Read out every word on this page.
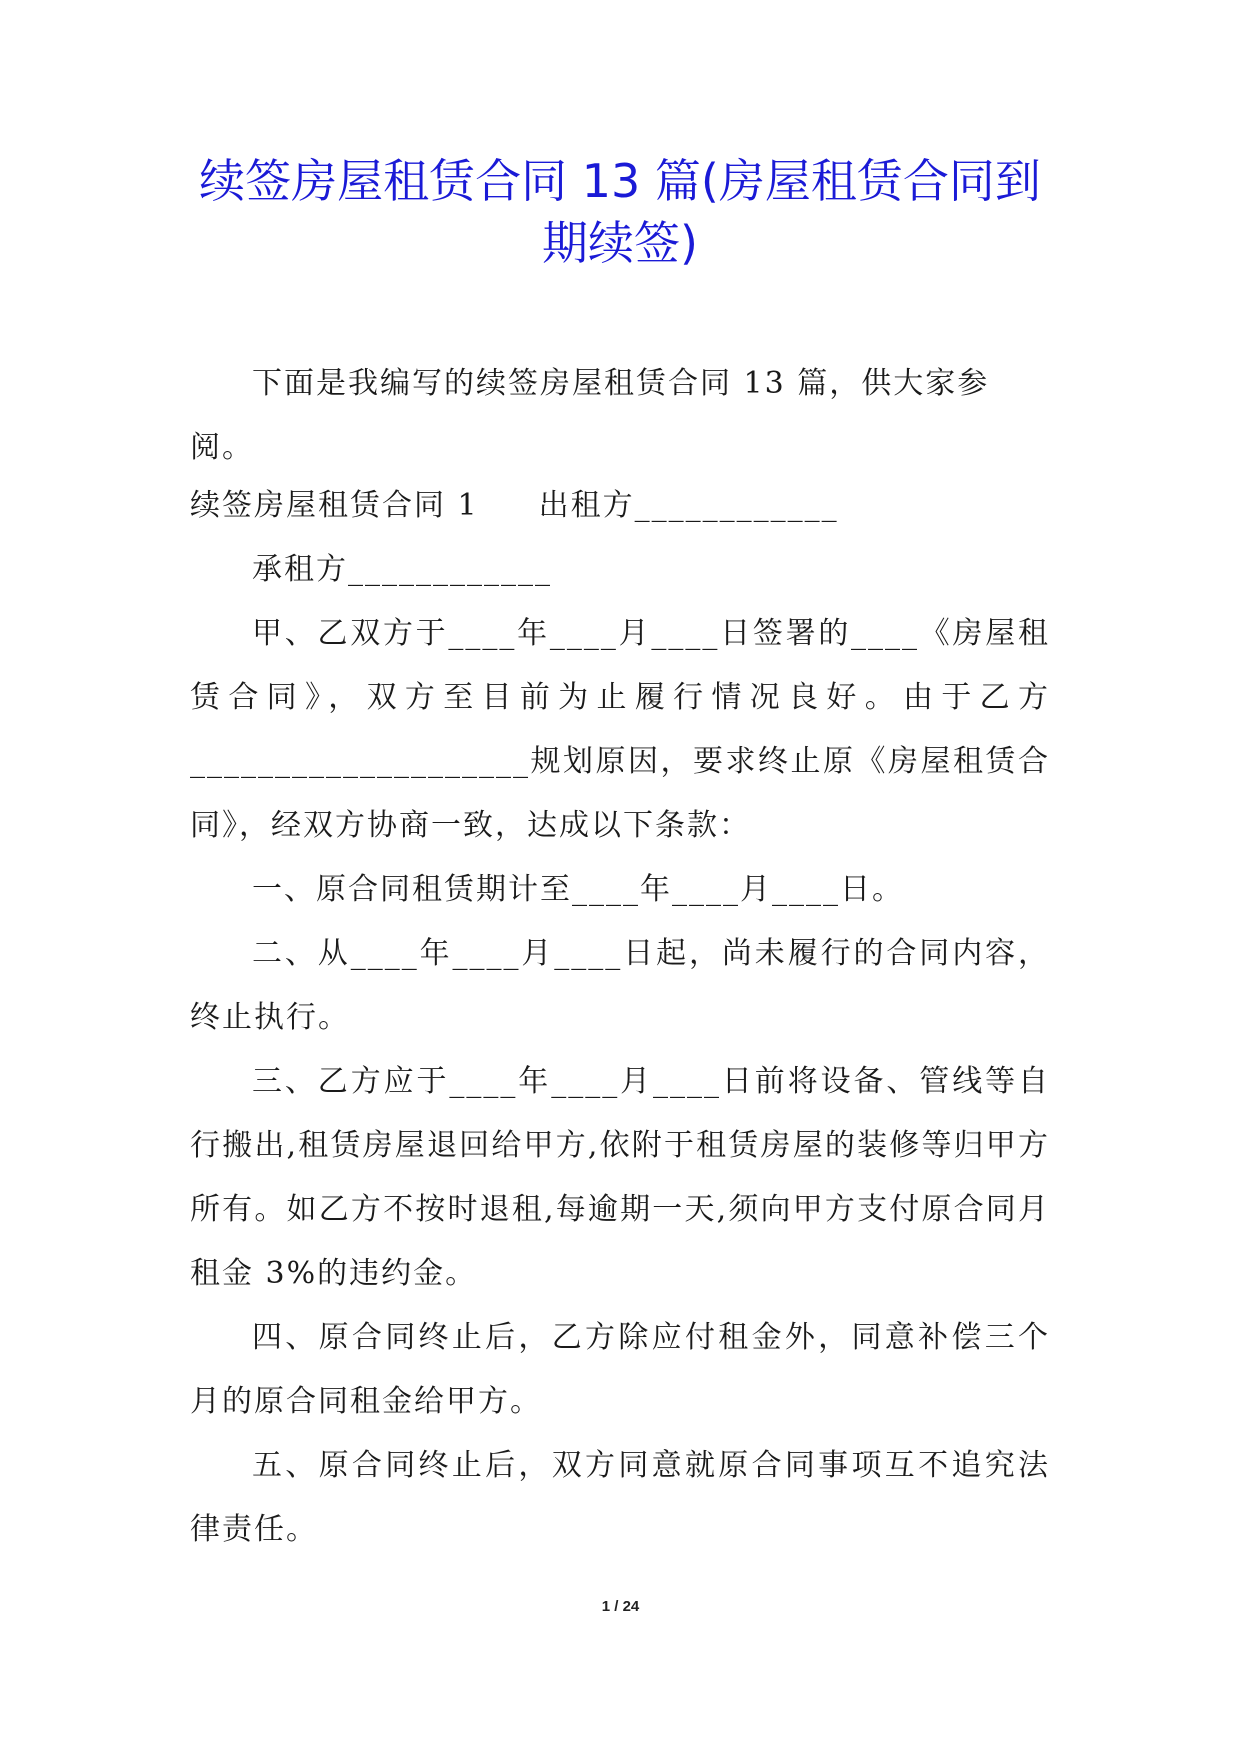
续签房屋租赁合同 13 篇(房屋租赁合同到
期续签)

下面是我编写的续签房屋租赁合同 13 篇，供大家参阅。

续签房屋租赁合同 1 出租方____________

承租方____________

甲、乙双方于____年____月____日签署的____《房屋租赁合同》，双方至目前为止履行情况良好。由于乙方____________________规划原因，要求终止原《房屋租赁合同》，经双方协商一致，达成以下条款：

一、原合同租赁期计至____年____月____日。

二、从____年____月____日起，尚未履行的合同内容，终止执行。

三、乙方应于____年____月____日前将设备、管线等自行搬出,租赁房屋退回给甲方,依附于租赁房屋的装修等归甲方所有。如乙方不按时退租,每逾期一天,须向甲方支付原合同月租金 3%的违约金。

四、原合同终止后，乙方除应付租金外，同意补偿三个月的原合同租金给甲方。

五、原合同终止后，双方同意就原合同事项互不追究法律责任。

1 / 24
